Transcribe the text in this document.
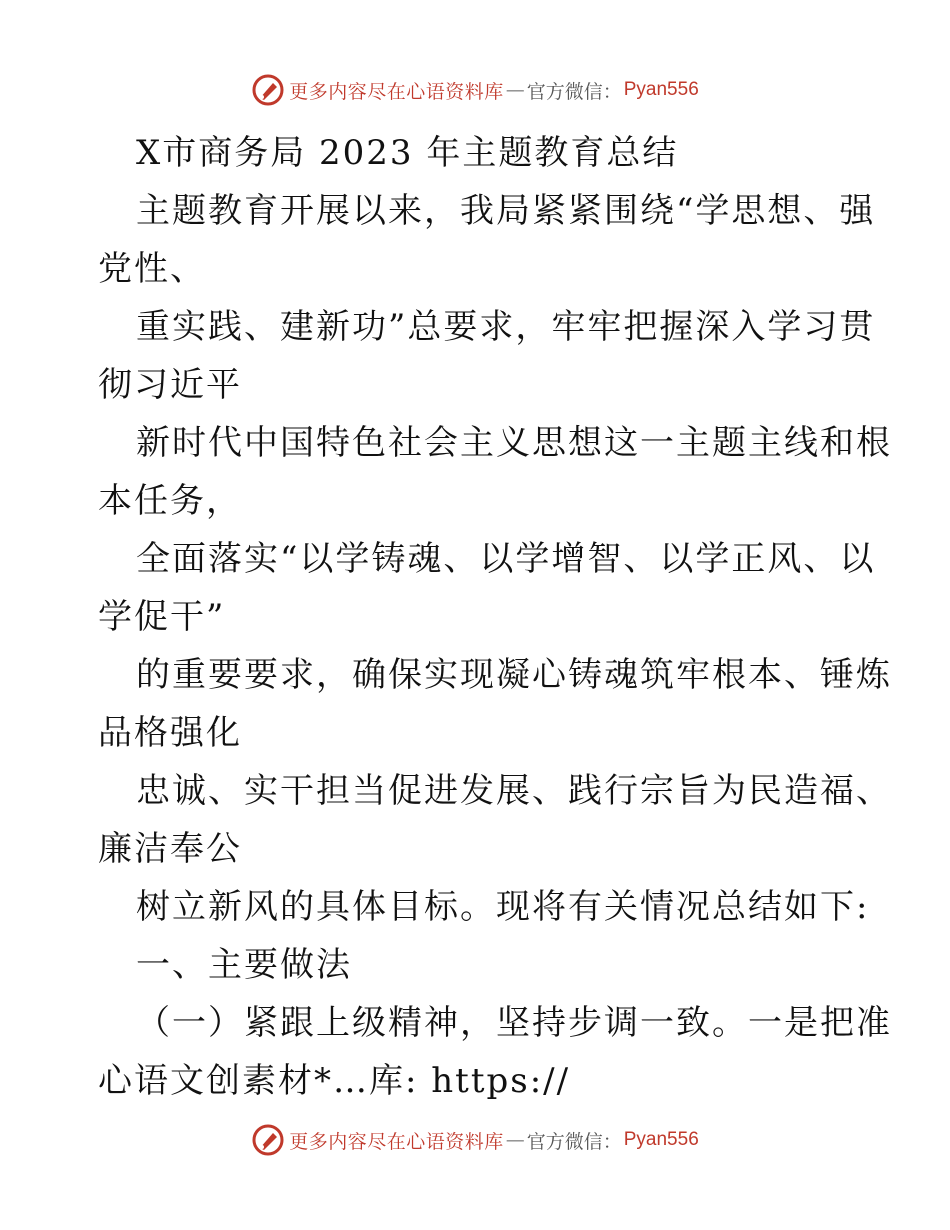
更多内容尽在心语资料库 — 官方微信： Pyan556
X市商务局 2023 年主题教育总结
主题教育开展以来，我局紧紧围绕“学思想、强
党性、
重实践、建新功”总要求，牢牢把握深入学习贯
彻习近平
新时代中国特色社会主义思想这一主题主线和根
本任务，
全面落实“以学铸魂、以学增智、以学正风、以
学促干”
的重要要求，确保实现凝心铸魂筑牢根本、锤炼
品格强化
忠诚、实干担当促进发展、践行宗旨为民造福、
廉洁奉公
树立新风的具体目标。现将有关情况总结如下:
一、主要做法
（一）紧跟上级精神，坚持步调一致。一是把准
心语文创素材*…库: https://
更多内容尽在心语资料库 — 官方微信： Pyan556
